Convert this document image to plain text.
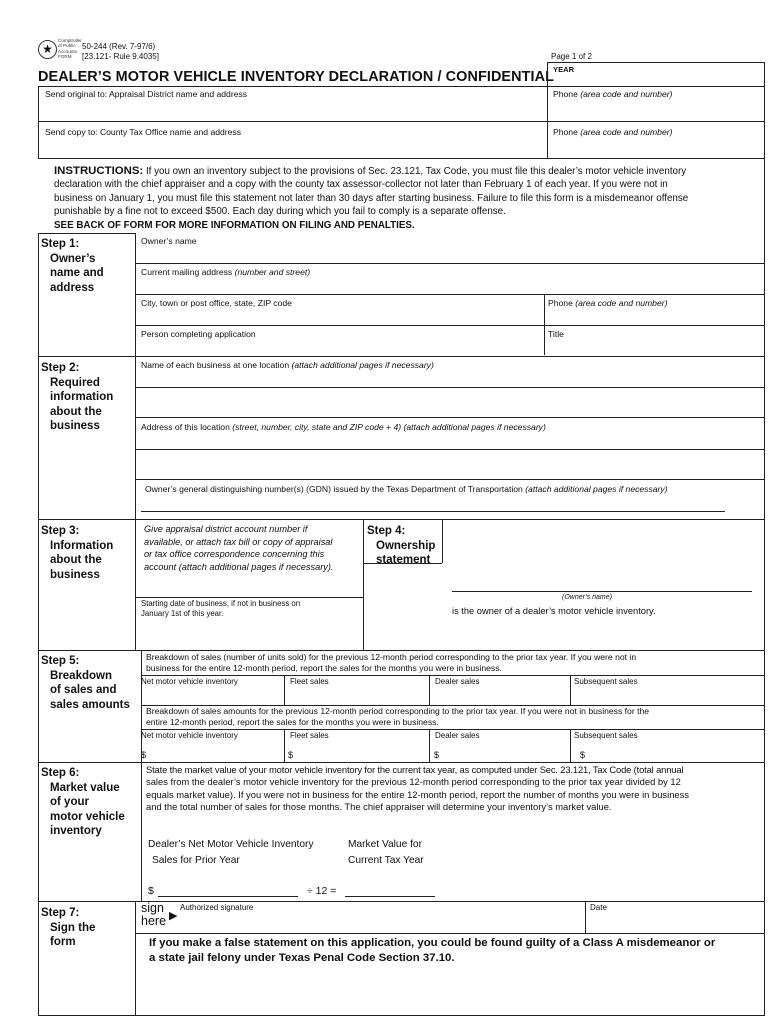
★
Comptroller
of Public
Accounts
FORM
50-244 (Rev. 7-97/6)
[23.121- Rule 9.4035]	Page 1 of 2
YEAR
DEALER’S MOTOR VEHICLE INVENTORY DECLARATION / CONFIDENTIAL
Send original to: Appraisal District name and address	Phone (area code and number)
Send copy to: County Tax Office name and address	Phone (area code and number)
INSTRUCTIONS: If you own an inventory subject to the provisions of Sec. 23.121, Tax Code, you must file this dealer’s motor vehicle inventory
declaration with the chief appraiser and a copy with the county tax assessor-collector not later than February 1 of each year. If you were not in
business on January 1, you must file this statement not later than 30 days after starting business. Failure to file this form is a misdemeanor offense
punishable by a fine not to exceed $500. Each day during which you fail to comply is a separate offense.
SEE BACK OF FORM FOR MORE INFORMATION ON FILING AND PENALTIES.
Step 1:
Owner’s
name and
address
Owner’s name
Current mailing address (number and street)
City, town or post office, state, ZIP code	Phone (area code and number)
Person completing application	Title
Step 2:
Required
information
about the
business
Name of each business at one location (attach additional pages if necessary)
Address of this location (street, number, city, state and ZIP code + 4) (attach additional pages if necessary)
Owner’s general distinguishing number(s) (GDN) issued by the Texas Department of Transportation (attach additional pages if necessary)
Step 3:
Information
about the
business
Give appraisal district account number if
available, or attach tax bill or copy of appraisal
or tax office correspondence concerning this
account (attach additional pages if necessary).
Starting date of business, if not in business on
January 1st of this year.
Step 4:
Ownership
statement
(Owner’s name)
is the owner of a dealer’s motor vehicle inventory.
Step 5:
Breakdown
of sales and
sales amounts
Breakdown of sales (number of units sold) for the previous 12-month period corresponding to the prior tax year. If you were not in
business for the entire 12-month period, report the sales for the months you were in business.
Net motor vehicle inventory	Fleet sales	Dealer sales	Subsequent sales
Breakdown of sales amounts for the previous 12-month period corresponding to the prior tax year. If you were not in business for the
entire 12-month period, report the sales for the months you were in business.
Net motor vehicle inventory	Fleet sales	Dealer sales	Subsequent sales
$	$	$	$
Step 6:
Market value
of your
motor vehicle
inventory
State the market value of your motor vehicle inventory for the current tax year, as computed under Sec. 23.121, Tax Code (total annual
sales from the dealer’s motor vehicle inventory for the previous 12-month period corresponding to the prior tax year divided by 12
equals market value). If you were not in business for the entire 12-month period, report the number of months you were in business
and the total number of sales for those months. The chief appraiser will determine your inventory’s market value.
Dealer’s Net Motor Vehicle Inventory
Sales for Prior Year
Market Value for
Current Tax Year
$	÷ 12 =
Step 7:
Sign the
form
sign
here ▶
Authorized signature	Date
If you make a false statement on this application, you could be found guilty of a Class A misdemeanor or
a state jail felony under Texas Penal Code Section 37.10.
